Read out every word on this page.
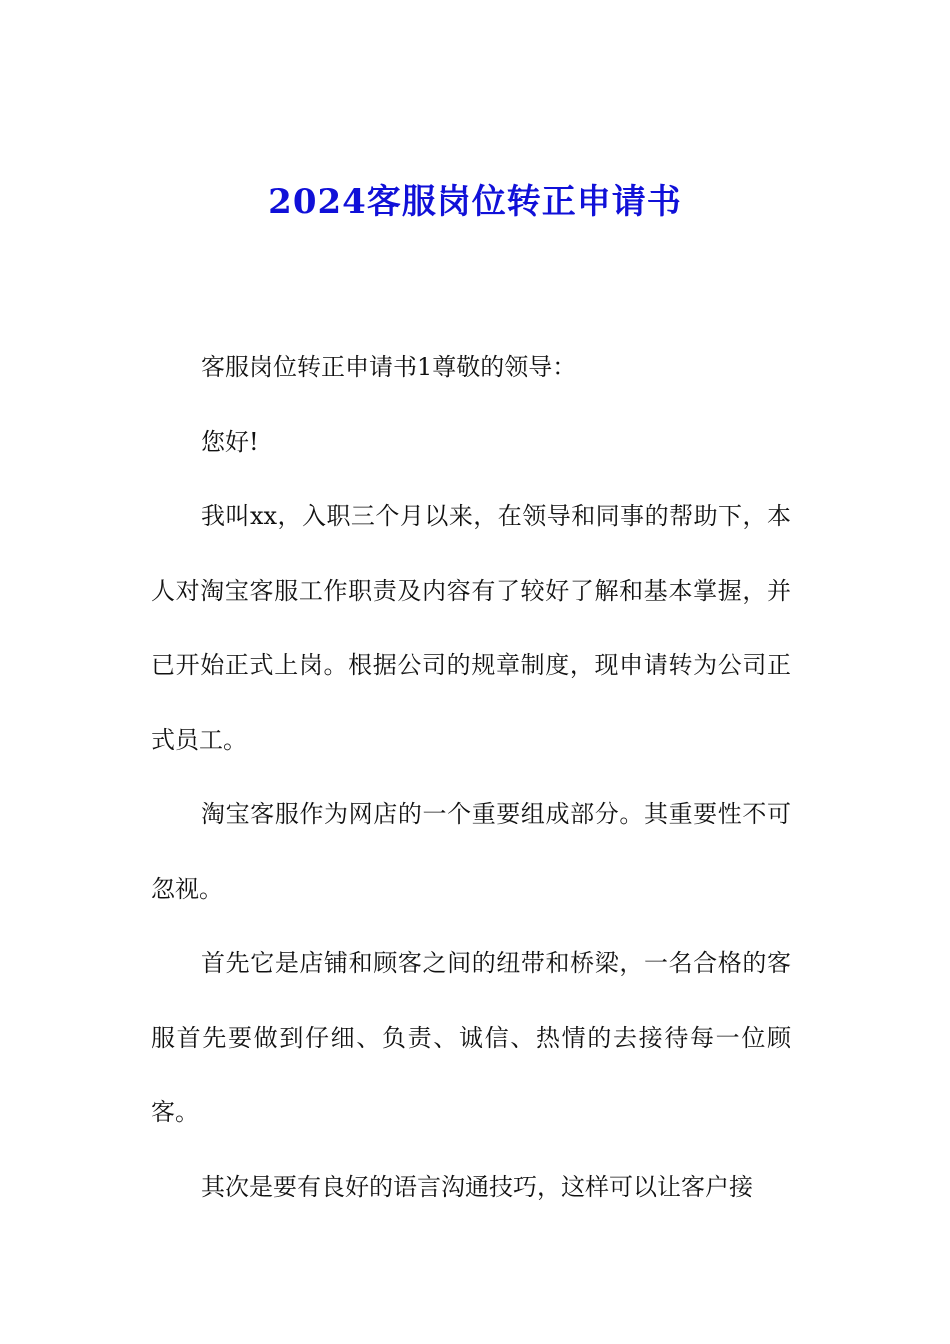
2024客服岗位转正申请书

客服岗位转正申请书1尊敬的领导：

您好!

我叫xx，入职三个月以来，在领导和同事的帮助下，本人对淘宝客服工作职责及内容有了较好了解和基本掌握，并已开始正式上岗。根据公司的规章制度，现申请转为公司正式员工。

淘宝客服作为网店的一个重要组成部分。其重要性不可忽视。

首先它是店铺和顾客之间的纽带和桥梁，一名合格的客服首先要做到仔细、负责、诚信、热情的去接待每一位顾客。

其次是要有良好的语言沟通技巧，这样可以让客户接
